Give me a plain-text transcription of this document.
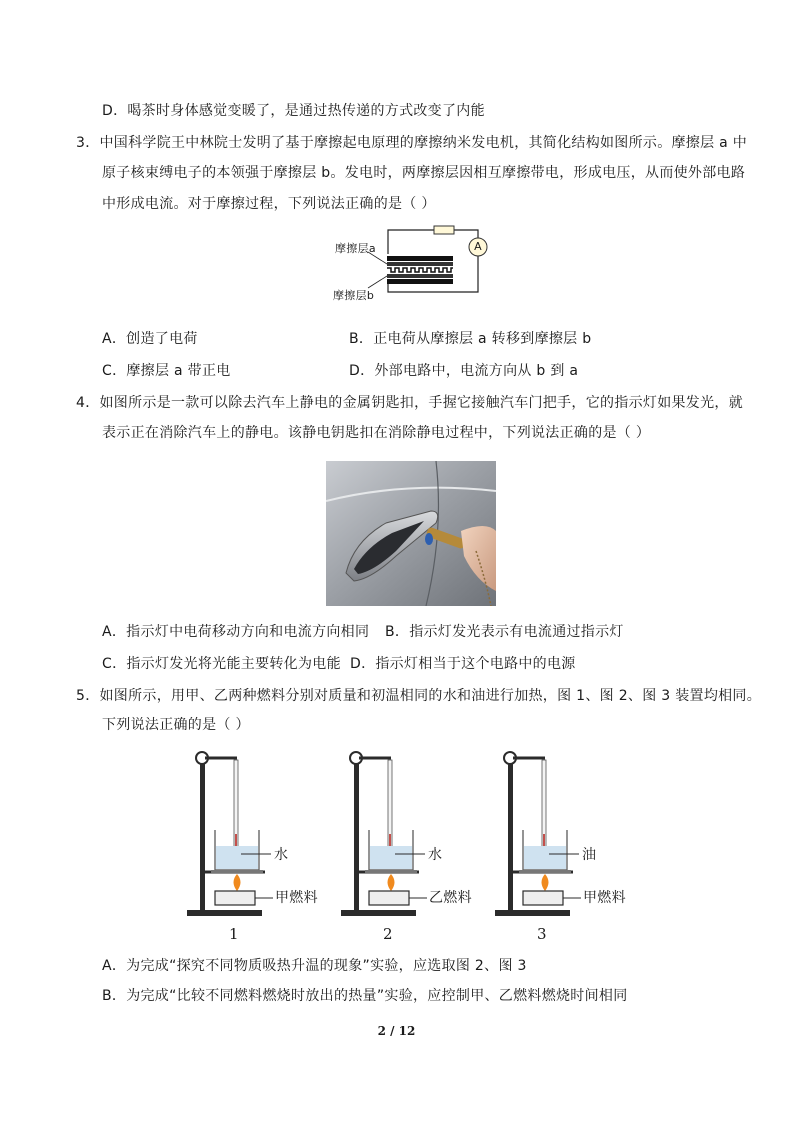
D．喝茶时身体感觉变暖了，是通过热传递的方式改变了内能
3．中国科学院王中林院士发明了基于摩擦起电原理的摩擦纳米发电机，其简化结构如图所示。摩擦层 a 中
原子核束缚电子的本领强于摩擦层 b。发电时，两摩擦层因相互摩擦带电，形成电压，从而使外部电路
中形成电流。对于摩擦过程，下列说法正确的是（ ）
摩擦层a
摩擦层b
A
A．创造了电荷	B．正电荷从摩擦层 a 转移到摩擦层 b
C．摩擦层 a 带正电	D．外部电路中，电流方向从 b 到 a
4．如图所示是一款可以除去汽车上静电的金属钥匙扣，手握它接触汽车门把手，它的指示灯如果发光，就
表示正在消除汽车上的静电。该静电钥匙扣在消除静电过程中，下列说法正确的是（ ）
A．指示灯中电荷移动方向和电流方向相同 B．指示灯发光表示有电流通过指示灯
C．指示灯发光将光能主要转化为电能 D．指示灯相当于这个电路中的电源
5．如图所示，用甲、乙两种燃料分别对质量和初温相同的水和油进行加热，图 1、图 2、图 3 装置均相同。
下列说法正确的是（ ）
水
甲燃料
1
水
乙燃料
2
油
甲燃料
3
A．为完成“探究不同物质吸热升温的现象”实验，应选取图 2、图 3
B．为完成“比较不同燃料燃烧时放出的热量”实验，应控制甲、乙燃料燃烧时间相同
2 / 12
